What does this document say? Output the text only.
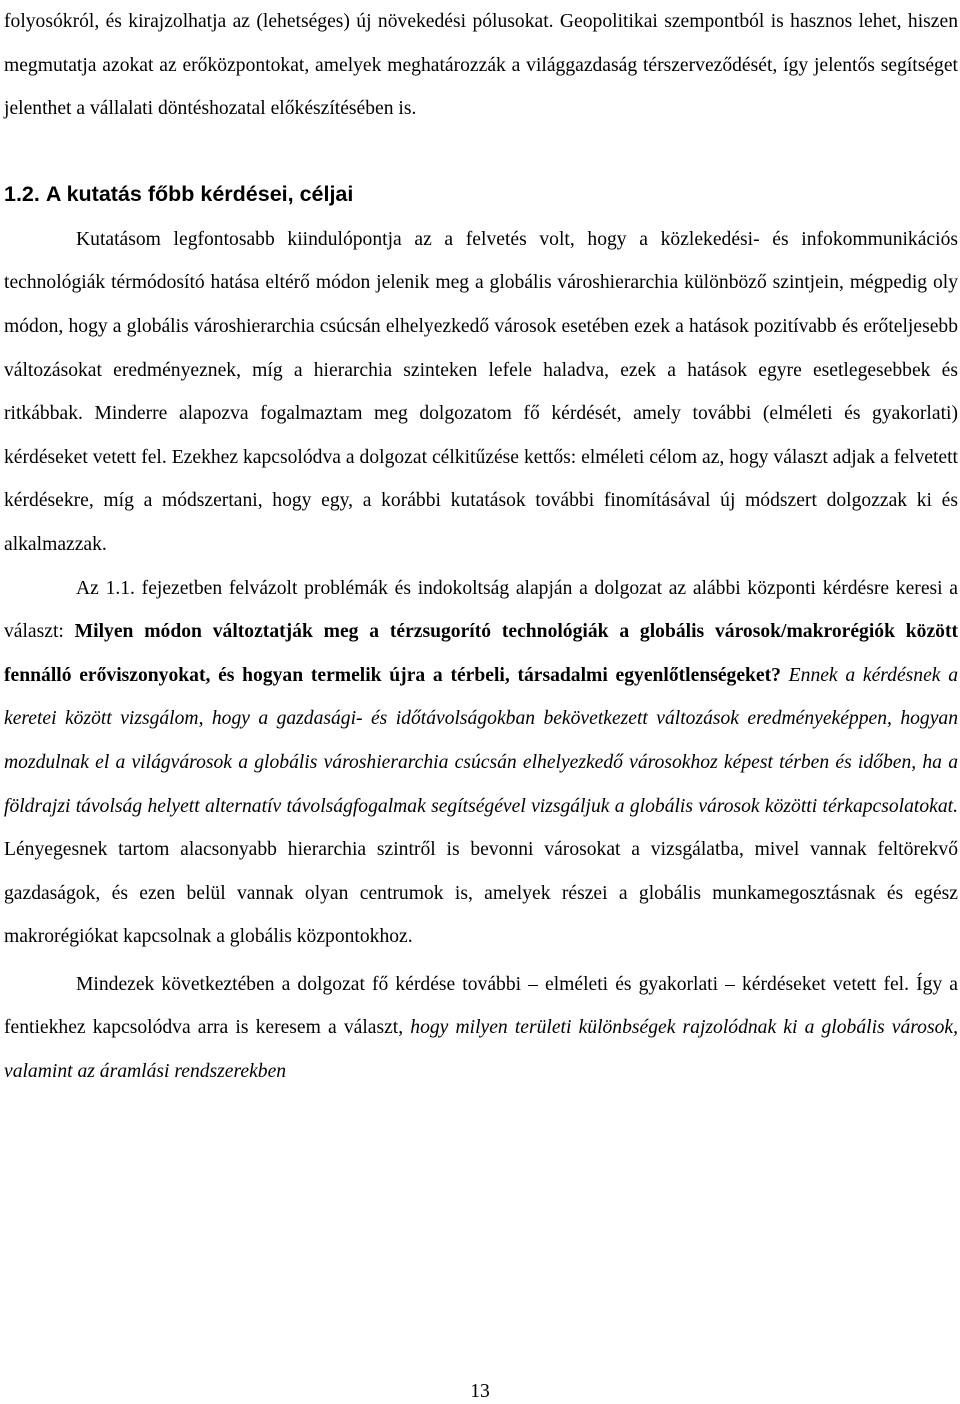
folyosókról, és kirajzolhatja az (lehetséges) új növekedési pólusokat. Geopolitikai szempontból is hasznos lehet, hiszen megmutatja azokat az erőközpontokat, amelyek meghatározzák a világgazdaság térszerveződését, így jelentős segítséget jelenthet a vállalati döntéshozatal előkészítésében is.

1.2. A kutatás főbb kérdései, céljai

Kutatásom legfontosabb kiindulópontja az a felvetés volt, hogy a közlekedési- és infokommunikációs technológiák térmódosító hatása eltérő módon jelenik meg a globális városhierarchia különböző szintjein, mégpedig oly módon, hogy a globális városhierarchia csúcsán elhelyezkedő városok esetében ezek a hatások pozitívabb és erőteljesebb változásokat eredményeznek, míg a hierarchia szinteken lefele haladva, ezek a hatások egyre esetlegesebbek és ritkábbak. Minderre alapozva fogalmaztam meg dolgozatom fő kérdését, amely további (elméleti és gyakorlati) kérdéseket vetett fel. Ezekhez kapcsolódva a dolgozat célkitűzése kettős: elméleti célom az, hogy választ adjak a felvetett kérdésekre, míg a módszertani, hogy egy, a korábbi kutatások további finomításával új módszert dolgozzak ki és alkalmazzak.

Az 1.1. fejezetben felvázolt problémák és indokoltság alapján a dolgozat az alábbi központi kérdésre keresi a választ: Milyen módon változtatják meg a térzsugorító technológiák a globális városok/makrorégiók között fennálló erőviszonyokat, és hogyan termelik újra a térbeli, társadalmi egyenlőtlenségeket? Ennek a kérdésnek a keretei között vizsgálom, hogy a gazdasági- és időtávolságokban bekövetkezett változások eredményeképpen, hogyan mozdulnak el a világvárosok a globális városhierarchia csúcsán elhelyezkedő városokhoz képest térben és időben, ha a földrajzi távolság helyett alternatív távolságfogalmak segítségével vizsgáljuk a globális városok közötti térkapcsolatokat. Lényegesnek tartom alacsonyabb hierarchia szintről is bevonni városokat a vizsgálatba, mivel vannak feltörekvő gazdaságok, és ezen belül vannak olyan centrumok is, amelyek részei a globális munkamegosztásnak és egész makrorégiókat kapcsolnak a globális központokhoz.

Mindezek következtében a dolgozat fő kérdése további – elméleti és gyakorlati – kérdéseket vetett fel. Így a fentiekhez kapcsolódva arra is keresem a választ, hogy milyen területi különbségek rajzolódnak ki a globális városok, valamint az áramlási rendszerekben

13
